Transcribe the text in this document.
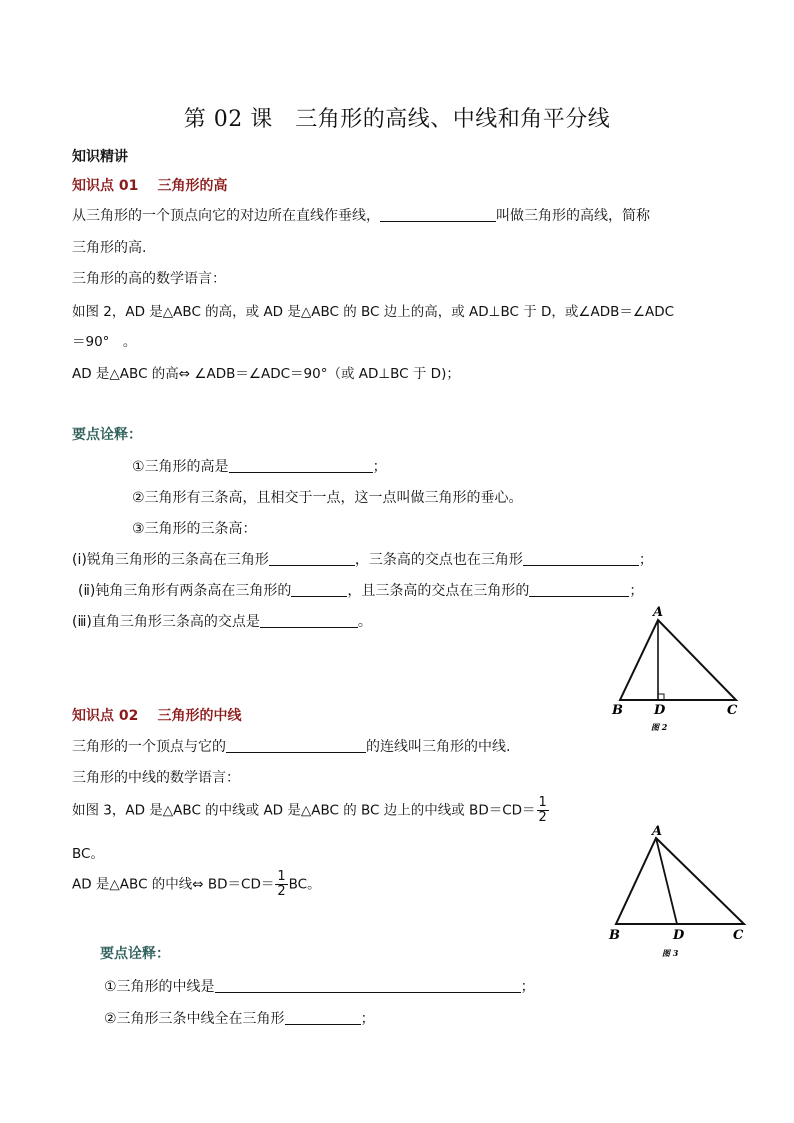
第 02 课　三角形的高线、中线和角平分线
知识精讲
知识点 01 三角形的高
从三角形的一个顶点向它的对边所在直线作垂线，	叫做三角形的高线，简称
三角形的高.
三角形的高的数学语言：
如图 2，AD 是△ABC 的高，或 AD 是△ABC 的 BC 边上的高，或 AD⊥BC 于 D，或∠ADB＝∠ADC
＝90°　。
AD 是△ABC 的高⇔ ∠ADB＝∠ADC＝90°（或 AD⊥BC 于 D)；
要点诠释：
①三角形的高是	；
②三角形有三条高，且相交于一点，这一点叫做三角形的垂心。
③三角形的三条高：
(ⅰ)锐角三角形的三条高在三角形	，三条高的交点也在三角形	；
(ⅱ)钝角三角形有两条高在三角形的	，且三条高的交点在三角形的	；
(ⅲ)直角三角形三条高的交点是	。
A
B	C
D
图 2
知识点 02 三角形的中线
三角形的一个顶点与它的	的连线叫三角形的中线.
三角形的中线的数学语言：
如图 3，AD 是△ABC 的中线或 AD 是△ABC 的 BC 边上的中线或 $BD=CD= \frac{1}{2}$
BC。
AD 是△ABC 的中线⇔ $BD=CD= \frac{1}{2}$ BC。
要点诠释：
①三角形的中线是	；
②三角形三条中线全在三角形	；
A
B	C
D
图 3
